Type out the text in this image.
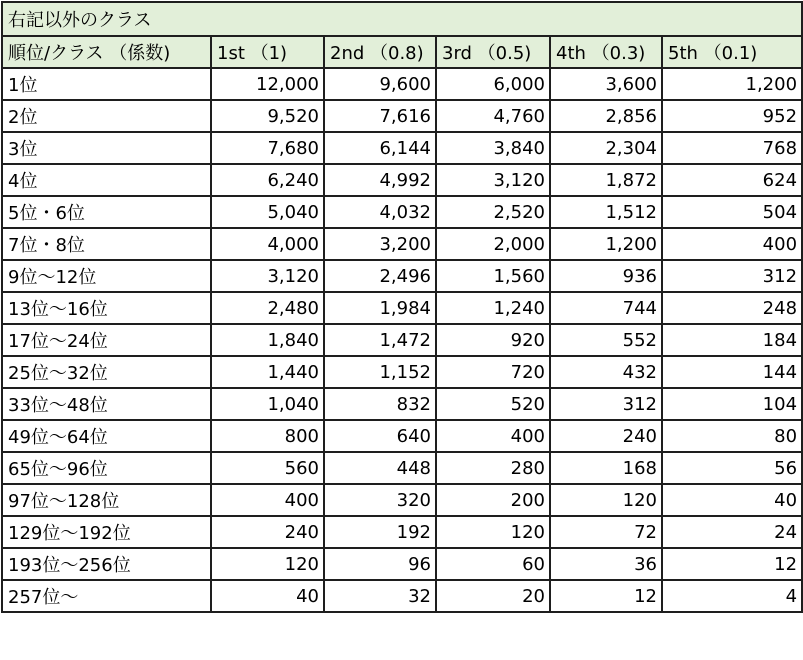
右記以外のクラス					
順位/クラス （係数)	1st （1)	2nd （0.8)	3rd （0.5)	4th （0.3)	5th （0.1)
1位	12,000	9,600	6,000	3,600	1,200
2位	9,520	7,616	4,760	2,856	952
3位	7,680	6,144	3,840	2,304	768
4位	6,240	4,992	3,120	1,872	624
5位・6位	5,040	4,032	2,520	1,512	504
7位・8位	4,000	3,200	2,000	1,200	400
9位～12位	3,120	2,496	1,560	936	312
13位～16位	2,480	1,984	1,240	744	248
17位～24位	1,840	1,472	920	552	184
25位～32位	1,440	1,152	720	432	144
33位～48位	1,040	832	520	312	104
49位～64位	800	640	400	240	80
65位～96位	560	448	280	168	56
97位～128位	400	320	200	120	40
129位～192位	240	192	120	72	24
193位～256位	120	96	60	36	12
257位～	40	32	20	12	4
